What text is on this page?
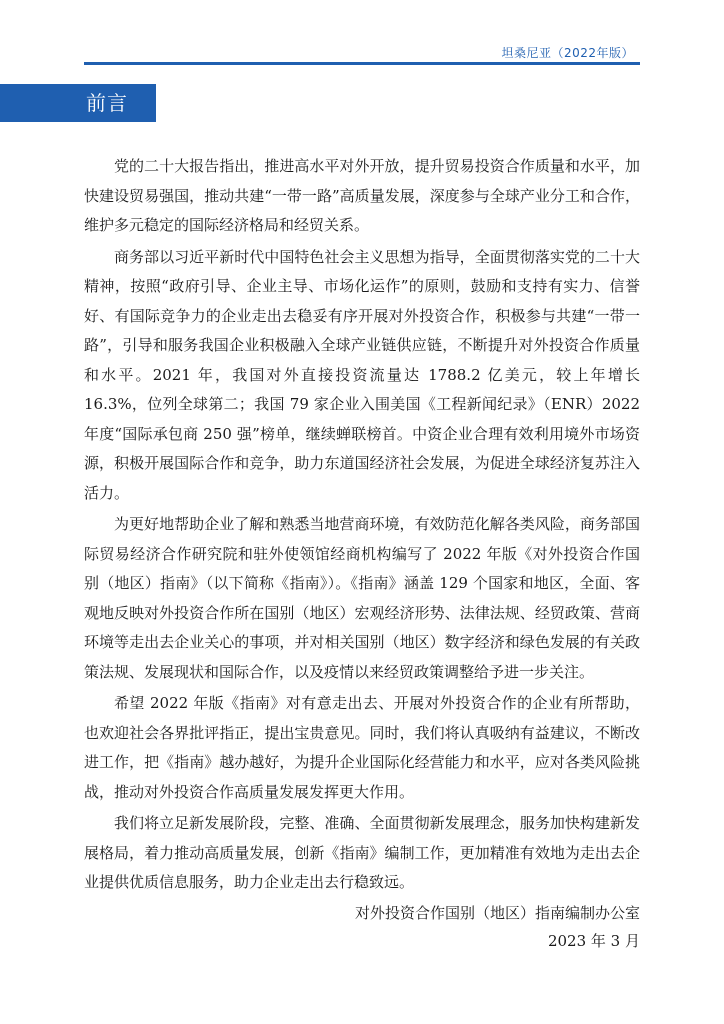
坦桑尼亚（2022年版）
前言

党的二十大报告指出，推进高水平对外开放，提升贸易投资合作质量和水平，加快建设贸易强国，推动共建“一带一路”高质量发展，深度参与全球产业分工和合作，维护多元稳定的国际经济格局和经贸关系。

商务部以习近平新时代中国特色社会主义思想为指导，全面贯彻落实党的二十大精神，按照“政府引导、企业主导、市场化运作”的原则，鼓励和支持有实力、信誉好、有国际竞争力的企业走出去稳妥有序开展对外投资合作，积极参与共建“一带一路”，引导和服务我国企业积极融入全球产业链供应链，不断提升对外投资合作质量和水平。2021 年，我国对外直接投资流量达 1788.2 亿美元，较上年增长 16.3%，位列全球第二；我国 79 家企业入围美国《工程新闻纪录》（ENR）2022 年度“国际承包商 250 强”榜单，继续蝉联榜首。中资企业合理有效利用境外市场资源，积极开展国际合作和竞争，助力东道国经济社会发展，为促进全球经济复苏注入活力。

为更好地帮助企业了解和熟悉当地营商环境，有效防范化解各类风险，商务部国际贸易经济合作研究院和驻外使领馆经商机构编写了 2022 年版《对外投资合作国别（地区）指南》（以下简称《指南》）。《指南》涵盖 129 个国家和地区，全面、客观地反映对外投资合作所在国别（地区）宏观经济形势、法律法规、经贸政策、营商环境等走出去企业关心的事项，并对相关国别（地区）数字经济和绿色发展的有关政策法规、发展现状和国际合作，以及疫情以来经贸政策调整给予进一步关注。

希望 2022 年版《指南》对有意走出去、开展对外投资合作的企业有所帮助，也欢迎社会各界批评指正，提出宝贵意见。同时，我们将认真吸纳有益建议，不断改进工作，把《指南》越办越好，为提升企业国际化经营能力和水平，应对各类风险挑战，推动对外投资合作高质量发展发挥更大作用。

我们将立足新发展阶段，完整、准确、全面贯彻新发展理念，服务加快构建新发展格局，着力推动高质量发展，创新《指南》编制工作，更加精准有效地为走出去企业提供优质信息服务，助力企业走出去行稳致远。

对外投资合作国别（地区）指南编制办公室
2023 年 3 月
